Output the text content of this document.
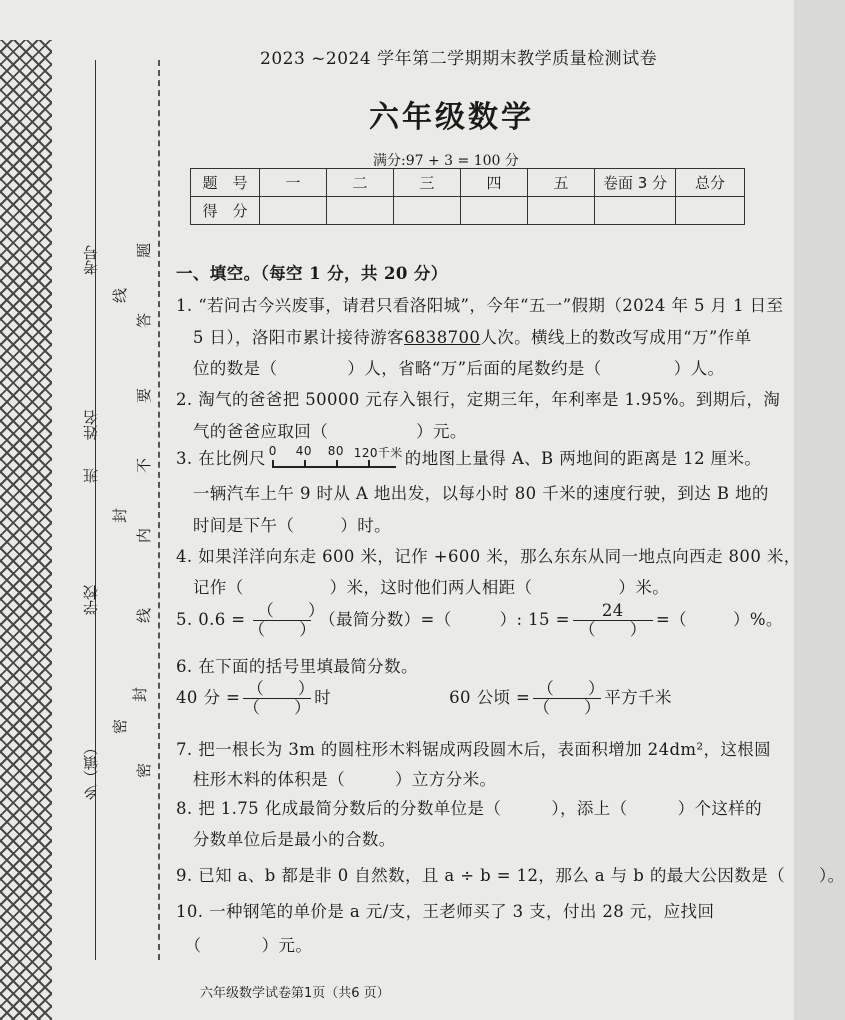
乡（镇）
学校
班
姓名
考号
密
封
线
内
不
要
答
题
线
封
密
2023 ~2024 学年第二学期期末教学质量检测试卷
六年级数学
满分:97 + 3 = 100 分
题　号	一	二	三	四	五	卷面 3 分	总分
得　分							
一、填空。（每空 1 分，共 20 分）
1. “若问古今兴废事，请君只看洛阳城”，今年“五一”假期（2024 年 5 月 1 日至
　5 日），洛阳市累计接待游客6838700人次。横线上的数改写成用“万”作单
　位的数是（	）人，省略“万”后面的尾数约是（	）人。
2. 淘气的爸爸把 50000 元存入银行，定期三年，年利率是 1.95%。到期后，淘
　气的爸爸应取回（	）元。
3. 在比例尺 0 40 80 120千米 的地图上量得 A、B 两地间的距离是 12 厘米。
　一辆汽车上午 9 时从 A 地出发，以每小时 80 千米的速度行驶，到达 B 地的
　时间是下午（	）时。
4. 如果洋洋向东走 600 米，记作 +600 米，那么东东从同一地点向西走 800 米，
　记作（	）米，这时他们两人相距（	）米。
5. $0.6 = \frac{( )}{( )}$ （最简分数）=（	）: $15 = \frac{24}{( )}$ =（	）%。
6. 在下面的括号里填最简分数。
40 分 = $\frac{( )}{( )}$ 时	60 公顷 = $\frac{( )}{( )}$ 平方千米
7. 把一根长为 3m 的圆柱形木料锯成两段圆木后，表面积增加 24dm²，这根圆
　柱形木料的体积是（	）立方分米。
8. 把 1.75 化成最简分数后的分数单位是（	），添上（	）个这样的
　分数单位后是最小的合数。
9. 已知 a、b 都是非 0 自然数，且 a ÷ b = 12，那么 a 与 b 的最大公因数是（ ）。
10. 一种钢笔的单价是 a 元/支，王老师买了 3 支，付出 28 元，应找回
　（	）元。
六年级数学试卷第1页（共6 页）
